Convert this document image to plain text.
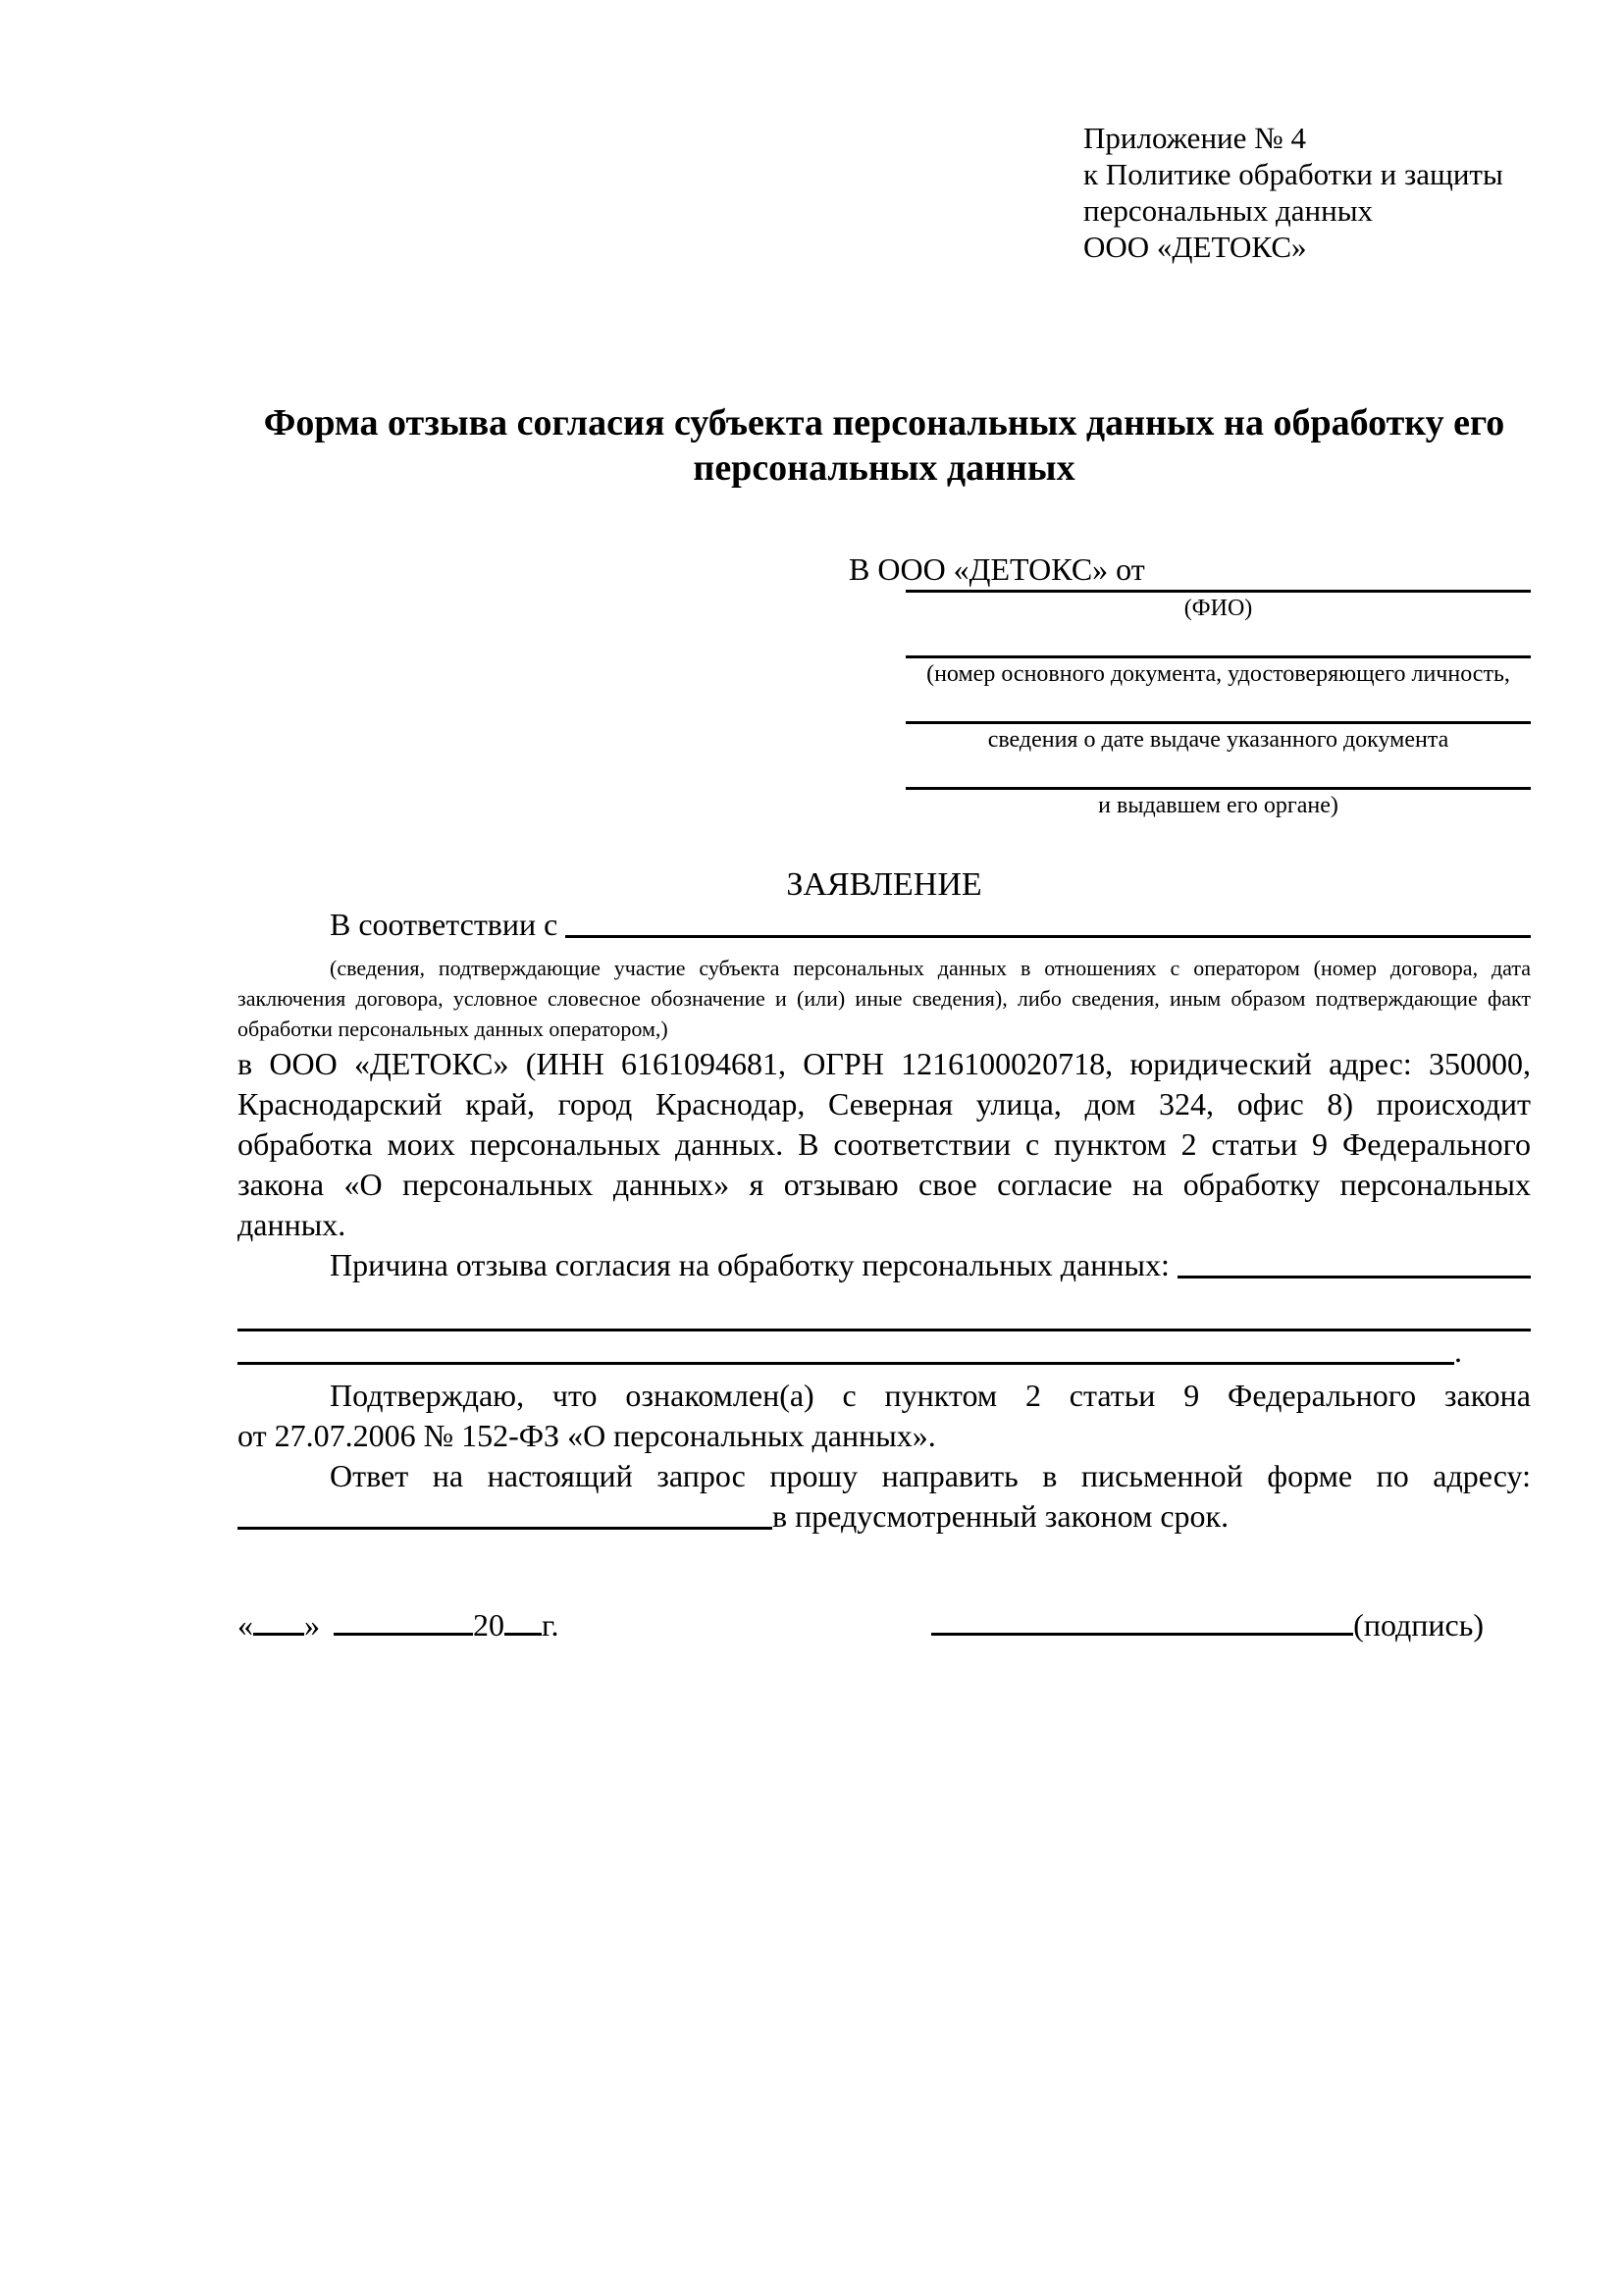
Приложение № 4
к Политике обработки и защиты
персональных данных
ООО «ДЕТОКС»
Форма отзыва согласия субъекта персональных данных на обработку его персональных данных
В ООО «ДЕТОКС» от
(ФИО)
(номер основного документа, удостоверяющего личность,
сведения о дате выдаче указанного документа
и выдавшем его органе)
ЗАЯВЛЕНИЕ
В соответствии с
(сведения, подтверждающие участие субъекта персональных данных в отношениях с оператором (номер договора, дата
заключения договора, условное словесное обозначение и (или) иные сведения), либо сведения, иным образом подтверждающие факт
обработки персональных данных оператором,)
в ООО «ДЕТОКС» (ИНН 6161094681, ОГРН 1216100020718, юридический адрес: 350000,
Краснодарский край, город Краснодар, Северная улица, дом 324, офис 8) происходит
обработка моих персональных данных. В соответствии с пунктом 2 статьи 9 Федерального
закона «О персональных данных» я отзываю свое согласие на обработку персональных
данных.
Причина отзыва согласия на обработку персональных данных:
.
Подтверждаю, что ознакомлен(а) с пунктом 2 статьи 9 Федерального закона
от 27.07.2006 № 152-ФЗ «О персональных данных».
Ответ на настоящий запрос прошу направить в письменной форме по адресу:
в предусмотренный законом срок.
« »	20 г.	(подпись)
